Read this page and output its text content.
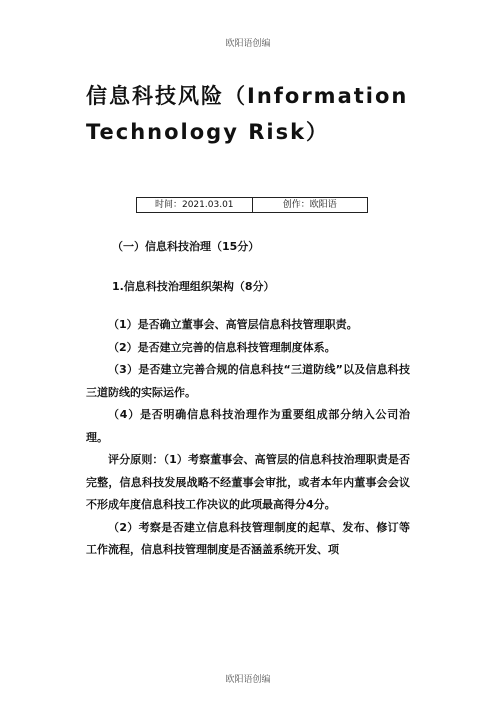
欧阳语创编
信息科技风险（Information Technology Risk）
时间：2021.03.01	创作：欧阳语
（一）信息科技治理（15分）
1.信息科技治理组织架构（8分）

（1）是否确立董事会、高管层信息科技管理职责。

（2）是否建立完善的信息科技管理制度体系。

（3）是否建立完善合规的信息科技“三道防线”以及信息科技三道防线的实际运作。

（4）是否明确信息科技治理作为重要组成部分纳入公司治理。

评分原则：（1）考察董事会、高管层的信息科技治理职责是否完整，信息科技发展战略不经董事会审批，或者本年内董事会会议不形成年度信息科技工作决议的此项最高得分4分。

（2）考察是否建立信息科技管理制度的起草、发布、修订等工作流程，信息科技管理制度是否涵盖系统开发、项

欧阳语创编
